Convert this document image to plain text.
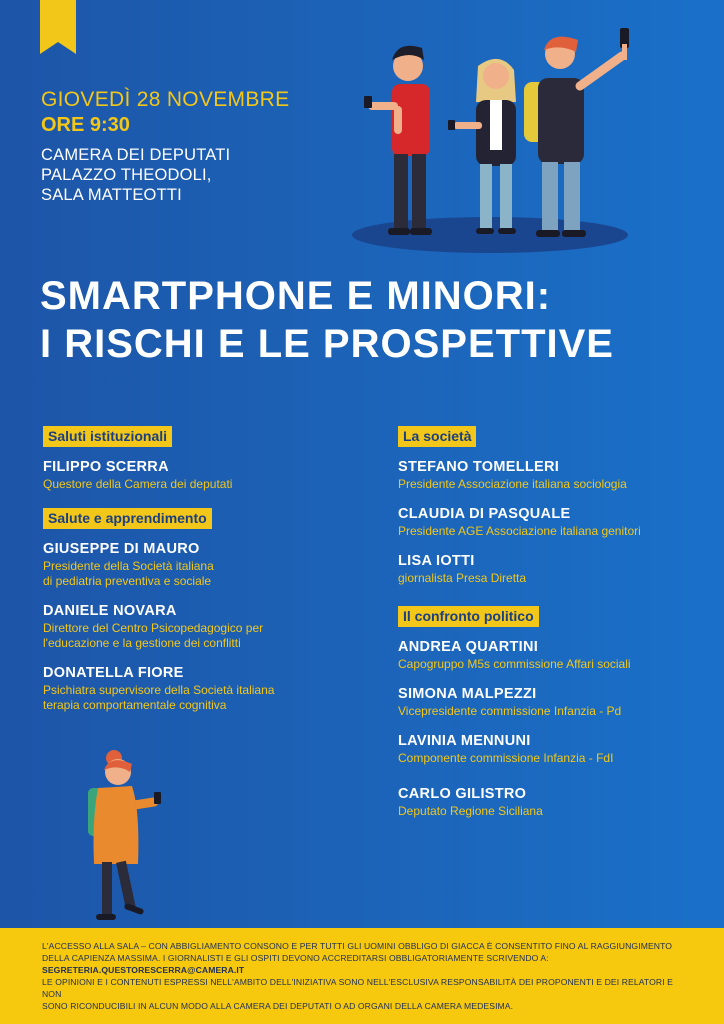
GIOVEDÌ 28 NOVEMBRE
ORE 9:30
CAMERA DEI DEPUTATI
PALAZZO THEODOLI,
SALA MATTEOTTI
SMARTPHONE E MINORI:
I RISCHI E LE PROSPETTIVE
Saluti istituzionali
FILIPPO SCERRA
Questore della Camera dei deputati
Salute e apprendimento
GIUSEPPE DI MAURO
Presidente della Società italiana
di pediatria preventiva e sociale
DANIELE NOVARA
Direttore del Centro Psicopedagogico per
l'educazione e la gestione dei conflitti
DONATELLA FIORE
Psichiatra supervisore della Società italiana
terapia comportamentale cognitiva
La società
STEFANO TOMELLERI
Presidente Associazione italiana sociologia
CLAUDIA DI PASQUALE
Presidente AGE Associazione italiana genitori
LISA IOTTI
giornalista Presa Diretta
Il confronto politico
ANDREA QUARTINI
Capogruppo M5s commissione Affari sociali
SIMONA MALPEZZI
Vicepresidente commissione Infanzia - Pd
LAVINIA MENNUNI
Componente commissione Infanzia - FdI
CARLO GILISTRO
Deputato Regione Siciliana
L'ACCESSO ALLA SALA – CON ABBIGLIAMENTO CONSONO E PER TUTTI GLI UOMINI OBBLIGO DI GIACCA È CONSENTITO FINO AL RAGGIUNGIMENTO
DELLA CAPIENZA MASSIMA. I GIORNALISTI E GLI OSPITI DEVONO ACCREDITARSI OBBLIGATORIAMENTE SCRIVENDO A:
SEGRETERIA.QUESTORESCERRA@CAMERA.IT
LE OPINIONI E I CONTENUTI ESPRESSI NELL'AMBITO DELL'INIZIATIVA SONO NELL'ESCLUSIVA RESPONSABILITÀ DEI PROPONENTI E DEI RELATORI E NON
SONO RICONDUCIBILI IN ALCUN MODO ALLA CAMERA DEI DEPUTATI O AD ORGANI DELLA CAMERA MEDESIMA.
